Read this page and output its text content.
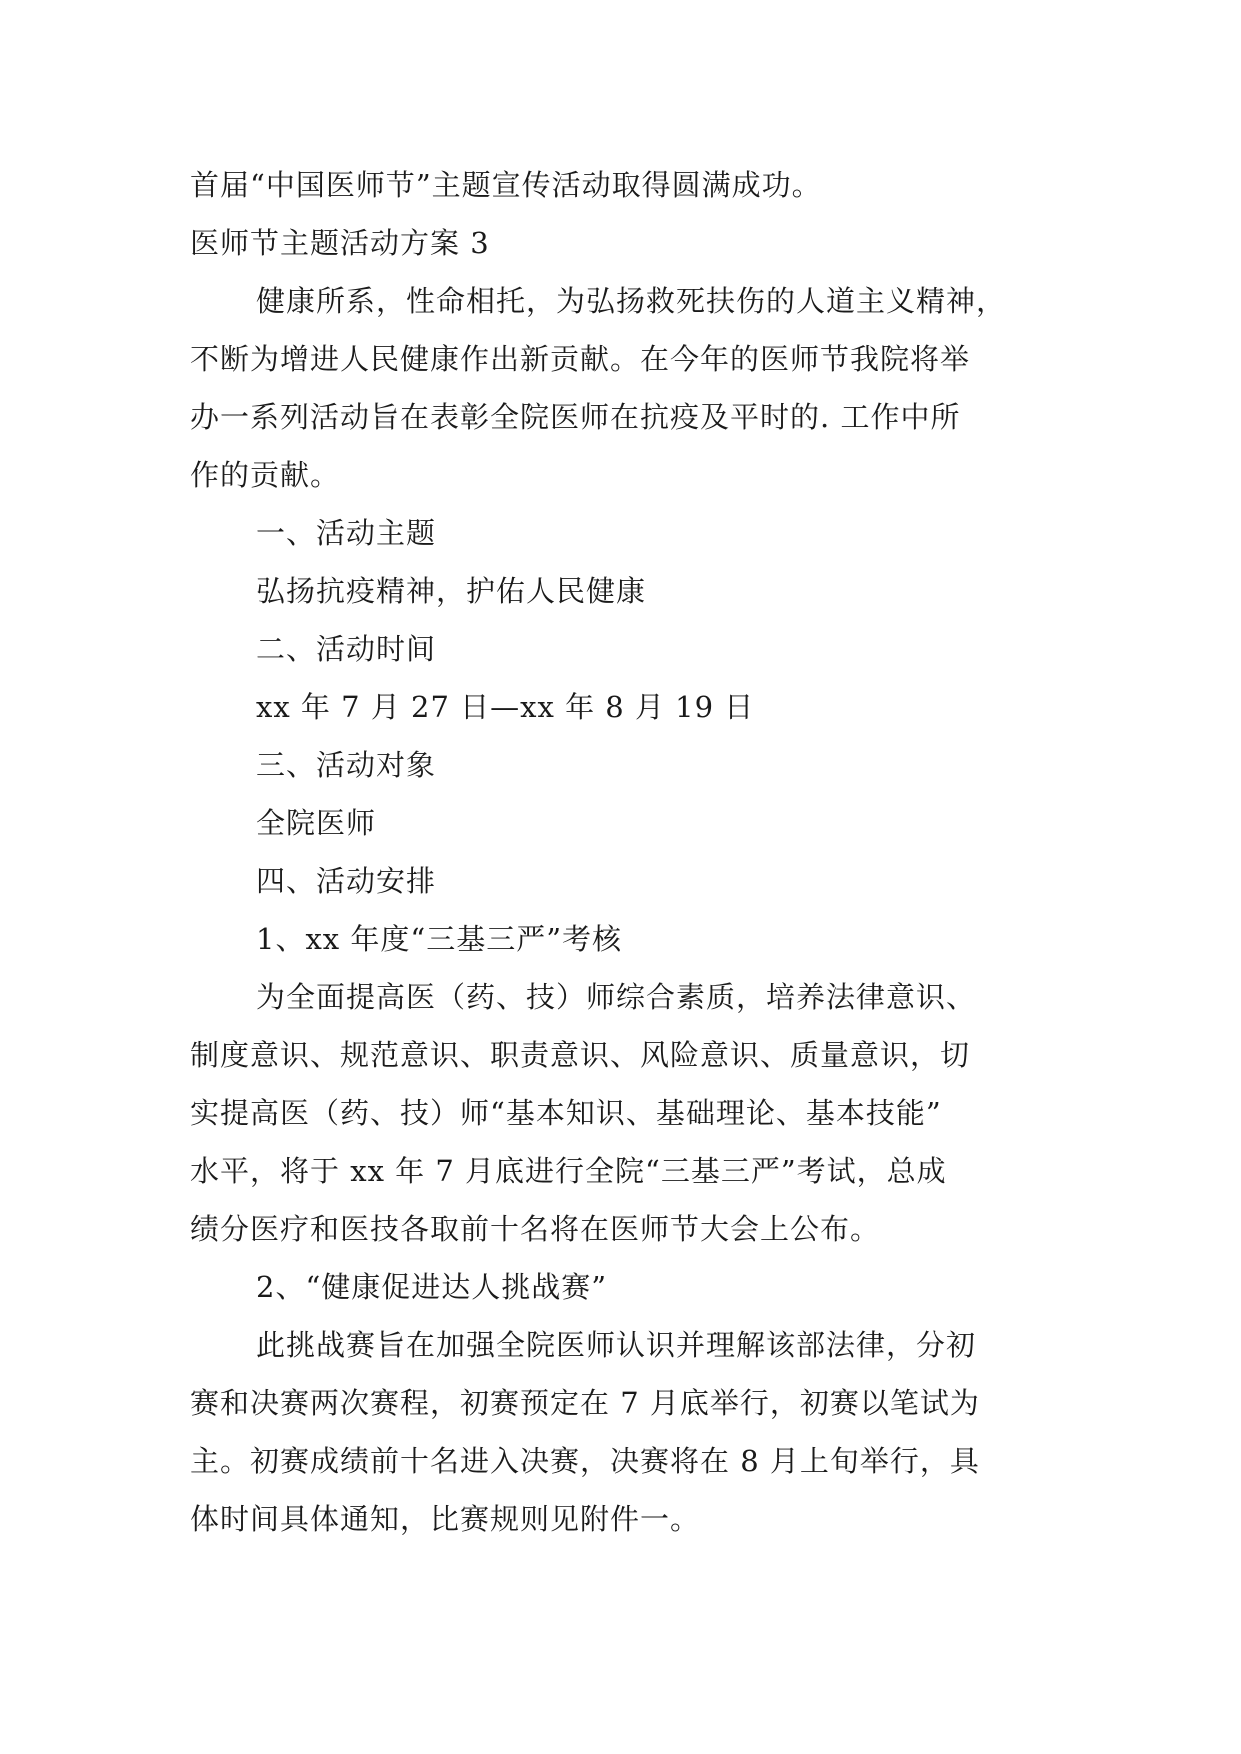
首届“中国医师节”主题宣传活动取得圆满成功。
医师节主题活动方案 3
健康所系，性命相托，为弘扬救死扶伤的人道主义精神，
不断为增进人民健康作出新贡献。在今年的医师节我院将举
办一系列活动旨在表彰全院医师在抗疫及平时的. 工作中所
作的贡献。
一、活动主题
弘扬抗疫精神，护佑人民健康
二、活动时间
xx 年 7 月 27 日—xx 年 8 月 19 日
三、活动对象
全院医师
四、活动安排
1、xx 年度“三基三严”考核
为全面提高医（药、技）师综合素质，培养法律意识、
制度意识、规范意识、职责意识、风险意识、质量意识，切
实提高医（药、技）师“基本知识、基础理论、基本技能”
水平，将于 xx 年 7 月底进行全院“三基三严”考试，总成
绩分医疗和医技各取前十名将在医师节大会上公布。
2、“健康促进达人挑战赛”
此挑战赛旨在加强全院医师认识并理解该部法律，分初
赛和决赛两次赛程，初赛预定在 7 月底举行，初赛以笔试为
主。初赛成绩前十名进入决赛，决赛将在 8 月上旬举行，具
体时间具体通知，比赛规则见附件一。
